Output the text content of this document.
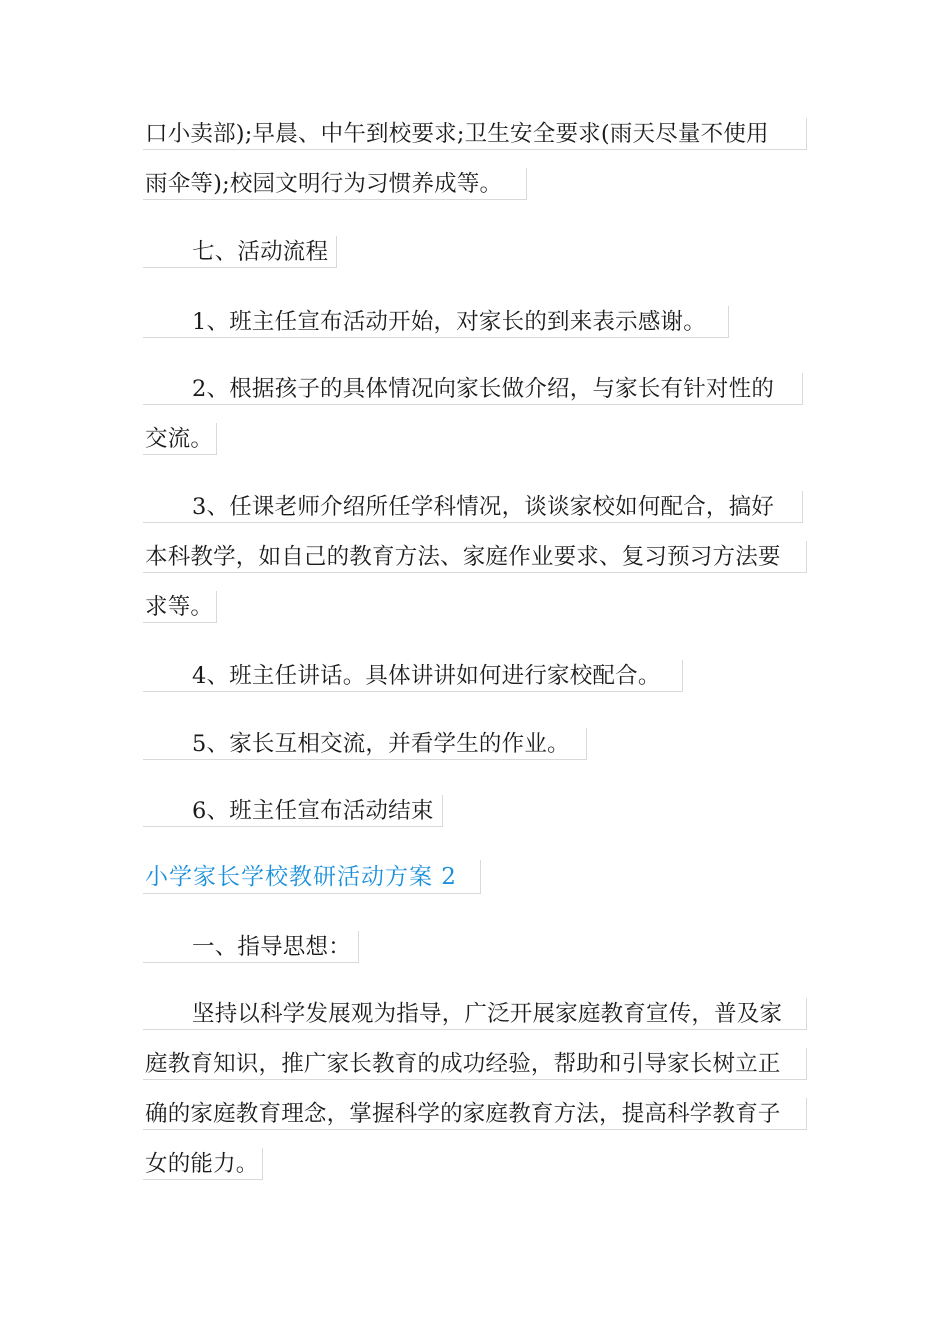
口小卖部);早晨、中午到校要求;卫生安全要求(雨天尽量不使用
雨伞等);校园文明行为习惯养成等。
七、活动流程
1、班主任宣布活动开始，对家长的到来表示感谢。
2、根据孩子的具体情况向家长做介绍，与家长有针对性的
交流。
3、任课老师介绍所任学科情况，谈谈家校如何配合，搞好
本科教学，如自己的教育方法、家庭作业要求、复习预习方法要
求等。
4、班主任讲话。具体讲讲如何进行家校配合。
5、家长互相交流，并看学生的作业。
6、班主任宣布活动结束
小学家长学校教研活动方案 2
一、指导思想：
坚持以科学发展观为指导，广泛开展家庭教育宣传，普及家
庭教育知识，推广家长教育的成功经验，帮助和引导家长树立正
确的家庭教育理念，掌握科学的家庭教育方法，提高科学教育子
女的能力。
